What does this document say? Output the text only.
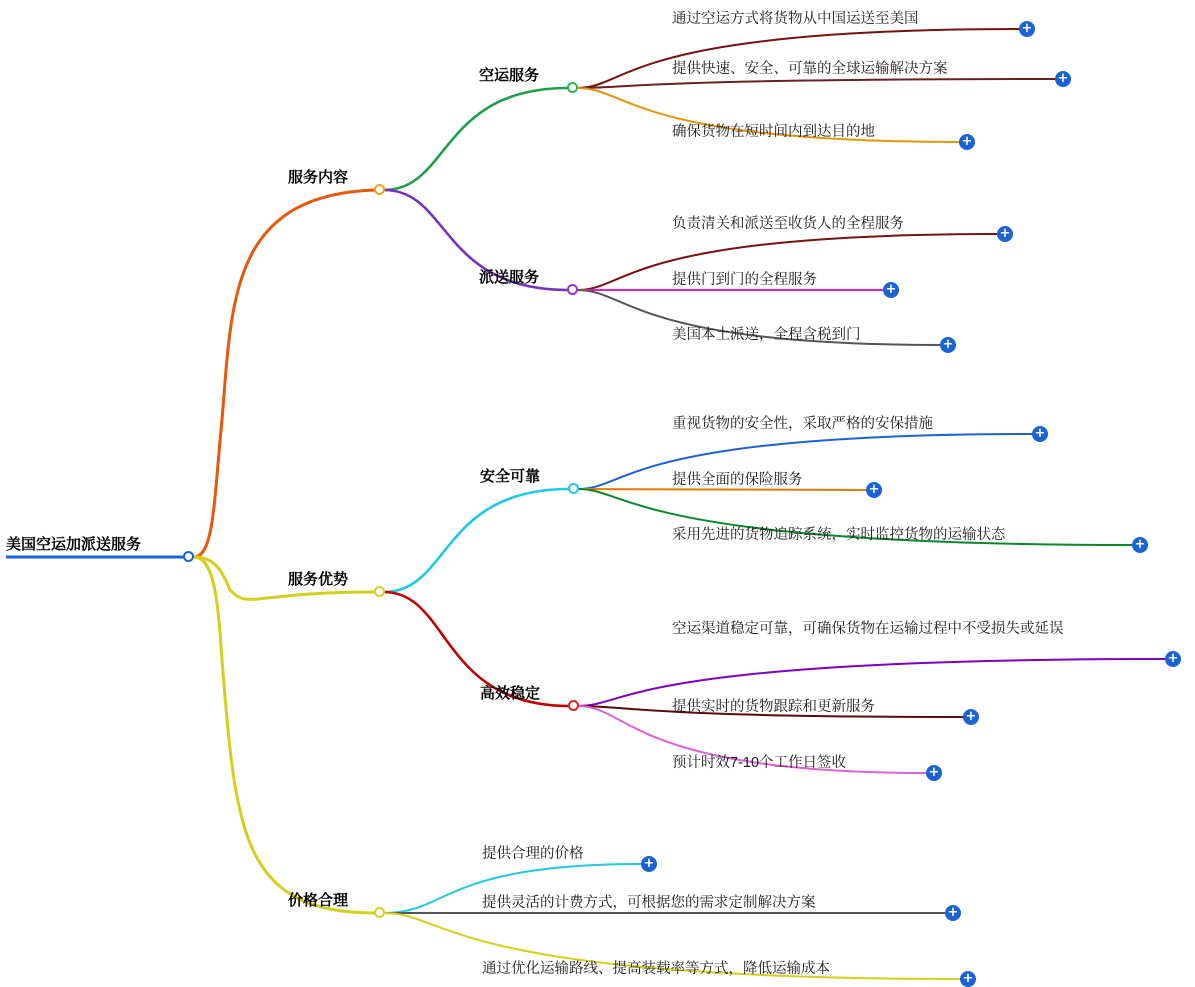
美国空运加派送服务
服务内容
空运服务
通过空运方式将货物从中国运送至美国
+
提供快速、安全、可靠的全球运输解决方案
+
确保货物在短时间内到达目的地
+
派送服务
负责清关和派送至收货人的全程服务
+
提供门到门的全程服务
+
美国本土派送，全程含税到门
+
服务优势
安全可靠
重视货物的安全性，采取严格的安保措施
+
提供全面的保险服务
+
采用先进的货物追踪系统，实时监控货物的运输状态
+
高效稳定
空运渠道稳定可靠，可确保货物在运输过程中不受损失或延误
+
提供实时的货物跟踪和更新服务
+
预计时效7-10个工作日签收
+
价格合理
提供合理的价格
+
提供灵活的计费方式，可根据您的需求定制解决方案
+
通过优化运输路线、提高装载率等方式，降低运输成本
+
